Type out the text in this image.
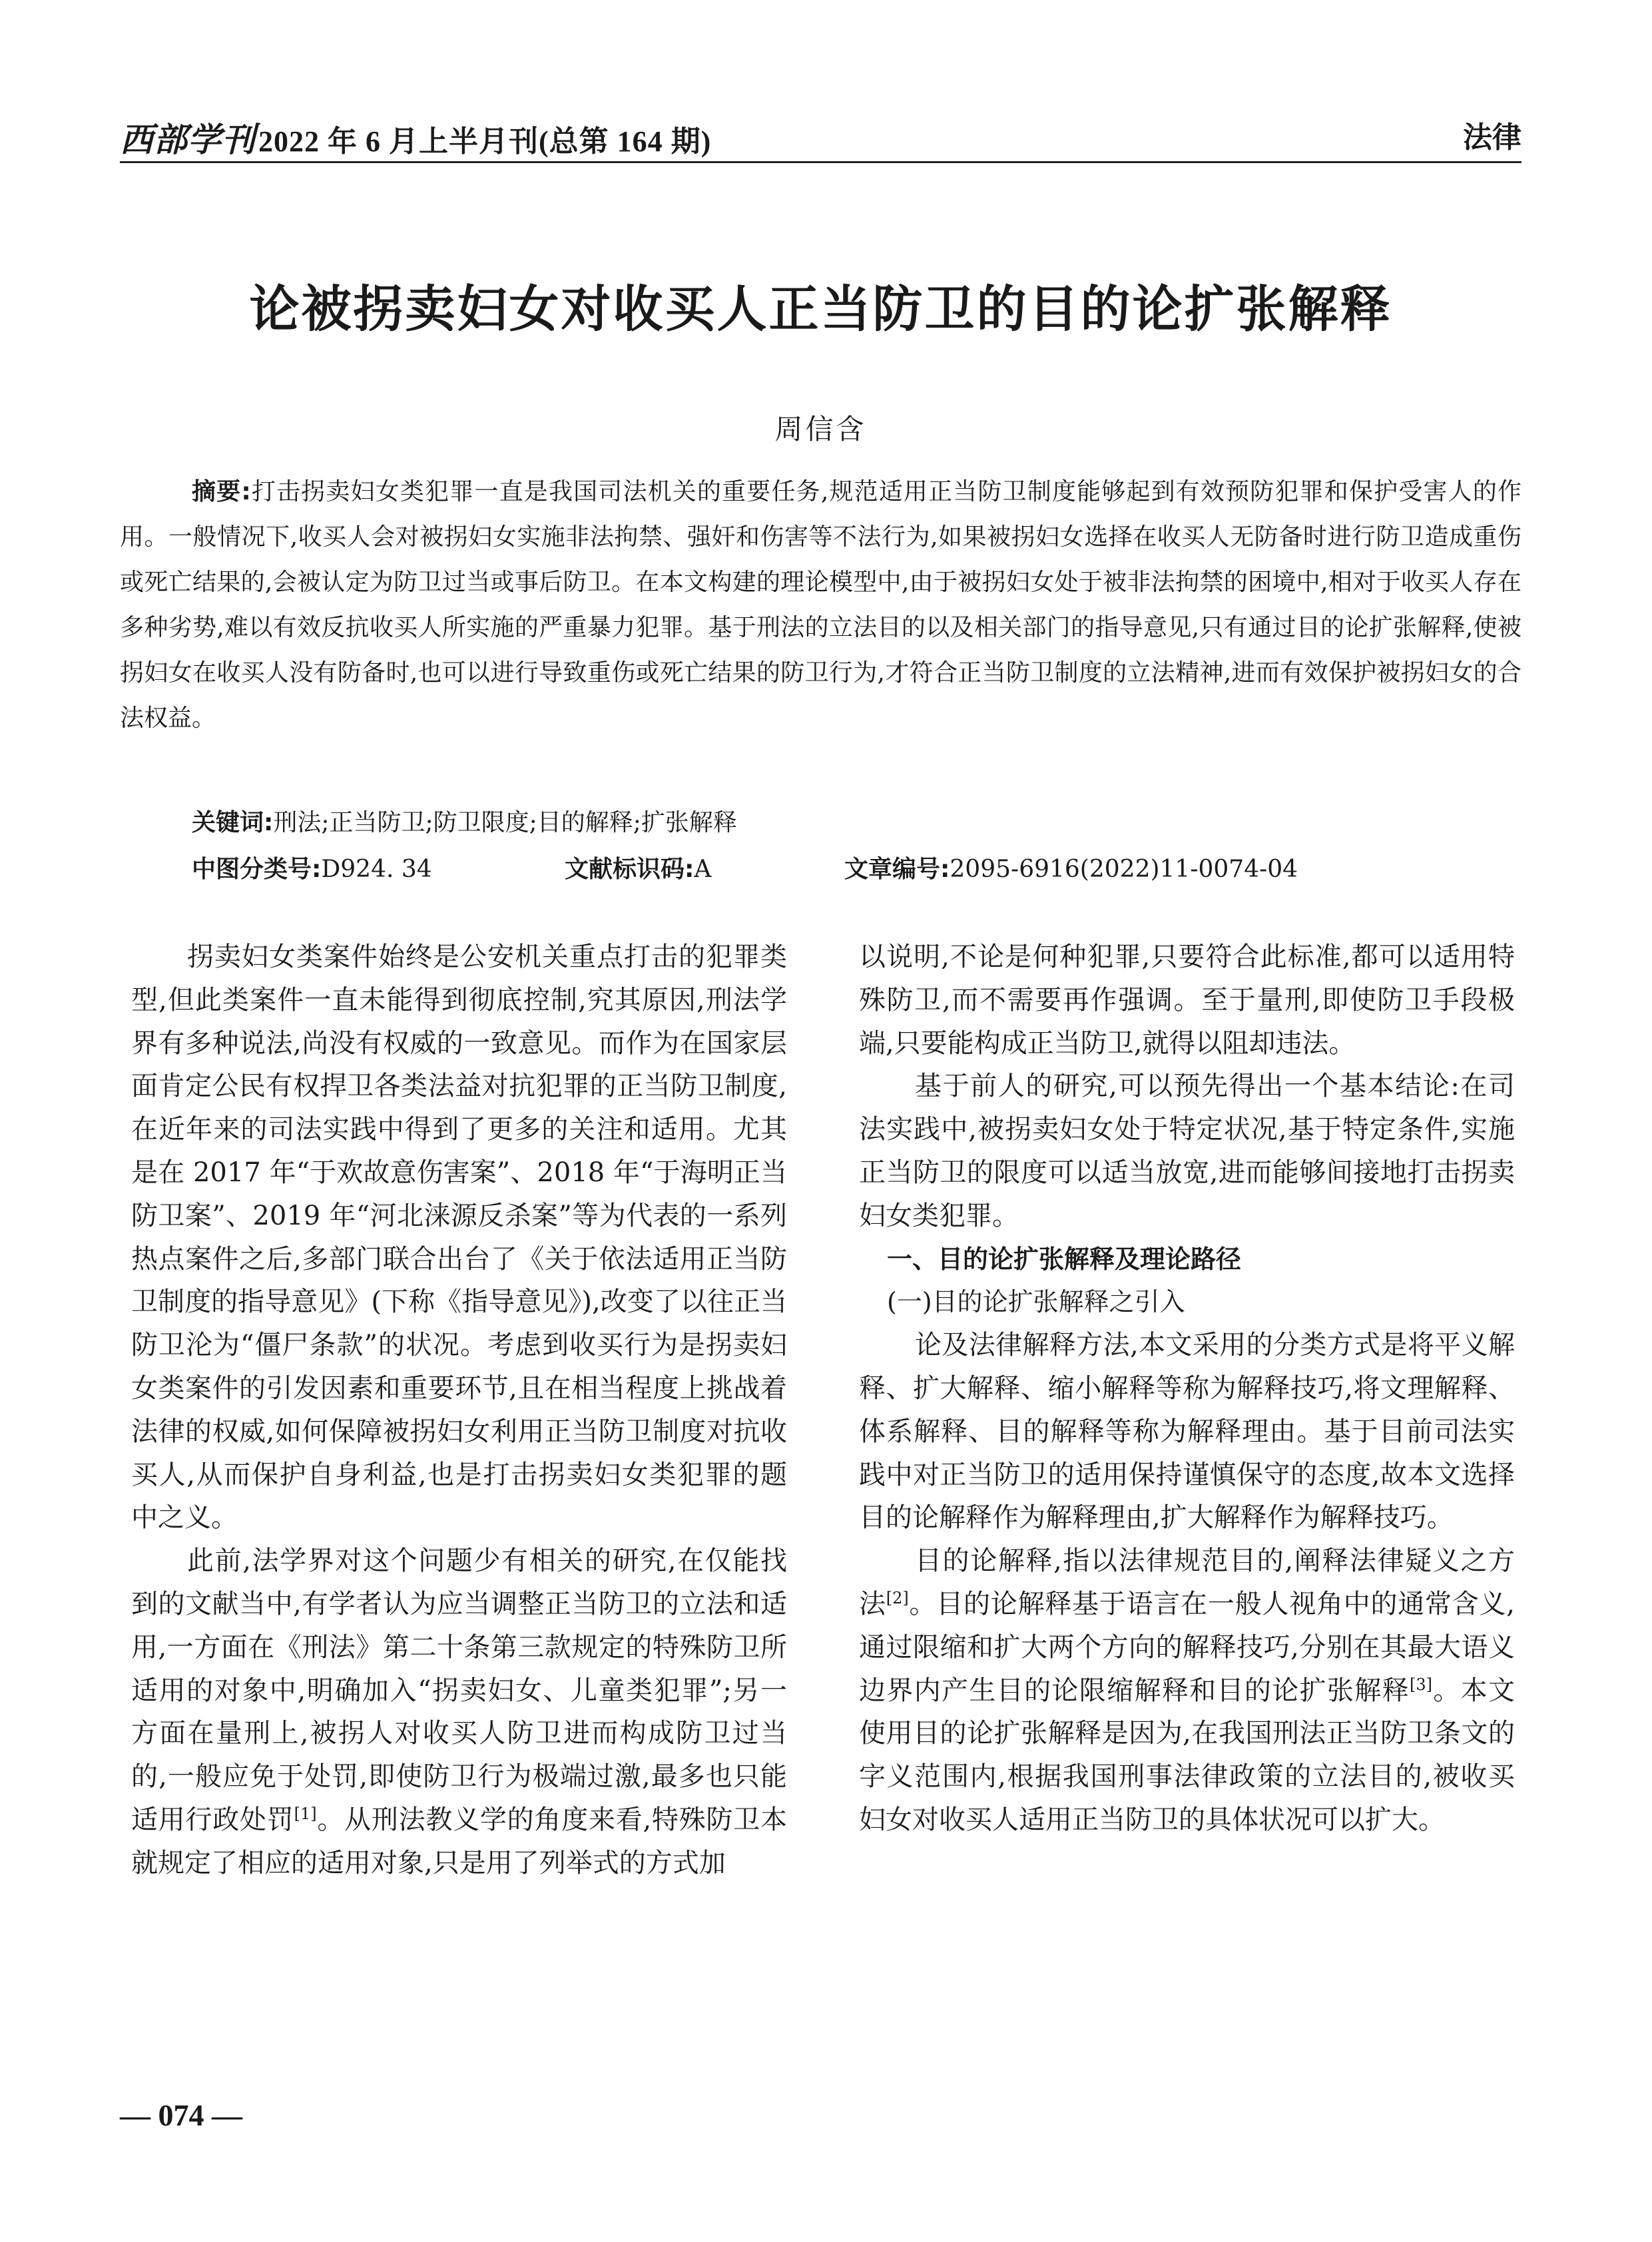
西部学刊2022 年 6 月上半月刊(总第 164 期)	法律
论被拐卖妇女对收买人正当防卫的目的论扩张解释
周信含

摘要:打击拐卖妇女类犯罪一直是我国司法机关的重要任务,规范适用正当防卫制度能够起到有效预防犯罪和保护受害人的作用。一般情况下,收买人会对被拐妇女实施非法拘禁、强奸和伤害等不法行为,如果被拐妇女选择在收买人无防备时进行防卫造成重伤或死亡结果的,会被认定为防卫过当或事后防卫。在本文构建的理论模型中,由于被拐妇女处于被非法拘禁的困境中,相对于收买人存在多种劣势,难以有效反抗收买人所实施的严重暴力犯罪。基于刑法的立法目的以及相关部门的指导意见,只有通过目的论扩张解释,使被拐妇女在收买人没有防备时,也可以进行导致重伤或死亡结果的防卫行为,才符合正当防卫制度的立法精神,进而有效保护被拐妇女的合法权益。

关键词:刑法;正当防卫;防卫限度;目的解释;扩张解释
中图分类号:D924. 34	文献标识码:A	文章编号:2095-6916(2022)11-0074-04

拐卖妇女类案件始终是公安机关重点打击的犯罪类型,但此类案件一直未能得到彻底控制,究其原因,刑法学界有多种说法,尚没有权威的一致意见。而作为在国家层面肯定公民有权捍卫各类法益对抗犯罪的正当防卫制度,在近年来的司法实践中得到了更多的关注和适用。尤其是在 2017 年“于欢故意伤害案”、2018 年“于海明正当防卫案”、2019 年“河北涞源反杀案”等为代表的一系列热点案件之后,多部门联合出台了《关于依法适用正当防卫制度的指导意见》(下称《指导意见》),改变了以往正当防卫沦为“僵尸条款”的状况。考虑到收买行为是拐卖妇女类案件的引发因素和重要环节,且在相当程度上挑战着法律的权威,如何保障被拐妇女利用正当防卫制度对抗收买人,从而保护自身利益,也是打击拐卖妇女类犯罪的题中之义。

此前,法学界对这个问题少有相关的研究,在仅能找到的文献当中,有学者认为应当调整正当防卫的立法和适用,一方面在《刑法》第二十条第三款规定的特殊防卫所适用的对象中,明确加入“拐卖妇女、儿童类犯罪”;另一方面在量刑上,被拐人对收买人防卫进而构成防卫过当的,一般应免于处罚,即使防卫行为极端过激,最多也只能适用行政处罚[1]。从刑法教义学的角度来看,特殊防卫本就规定了相应的适用对象,只是用了列举式的方式加

以说明,不论是何种犯罪,只要符合此标准,都可以适用特殊防卫,而不需要再作强调。至于量刑,即使防卫手段极端,只要能构成正当防卫,就得以阻却违法。

基于前人的研究,可以预先得出一个基本结论:在司法实践中,被拐卖妇女处于特定状况,基于特定条件,实施正当防卫的限度可以适当放宽,进而能够间接地打击拐卖妇女类犯罪。

一、目的论扩张解释及理论路径
(一)目的论扩张解释之引入

论及法律解释方法,本文采用的分类方式是将平义解释、扩大解释、缩小解释等称为解释技巧,将文理解释、体系解释、目的解释等称为解释理由。基于目前司法实践中对正当防卫的适用保持谨慎保守的态度,故本文选择目的论解释作为解释理由,扩大解释作为解释技巧。

目的论解释,指以法律规范目的,阐释法律疑义之方法[2]。目的论解释基于语言在一般人视角中的通常含义,通过限缩和扩大两个方向的解释技巧,分别在其最大语义边界内产生目的论限缩解释和目的论扩张解释[3]。本文使用目的论扩张解释是因为,在我国刑法正当防卫条文的字义范围内,根据我国刑事法律政策的立法目的,被收买妇女对收买人适用正当防卫的具体状况可以扩大。

— 074 —
